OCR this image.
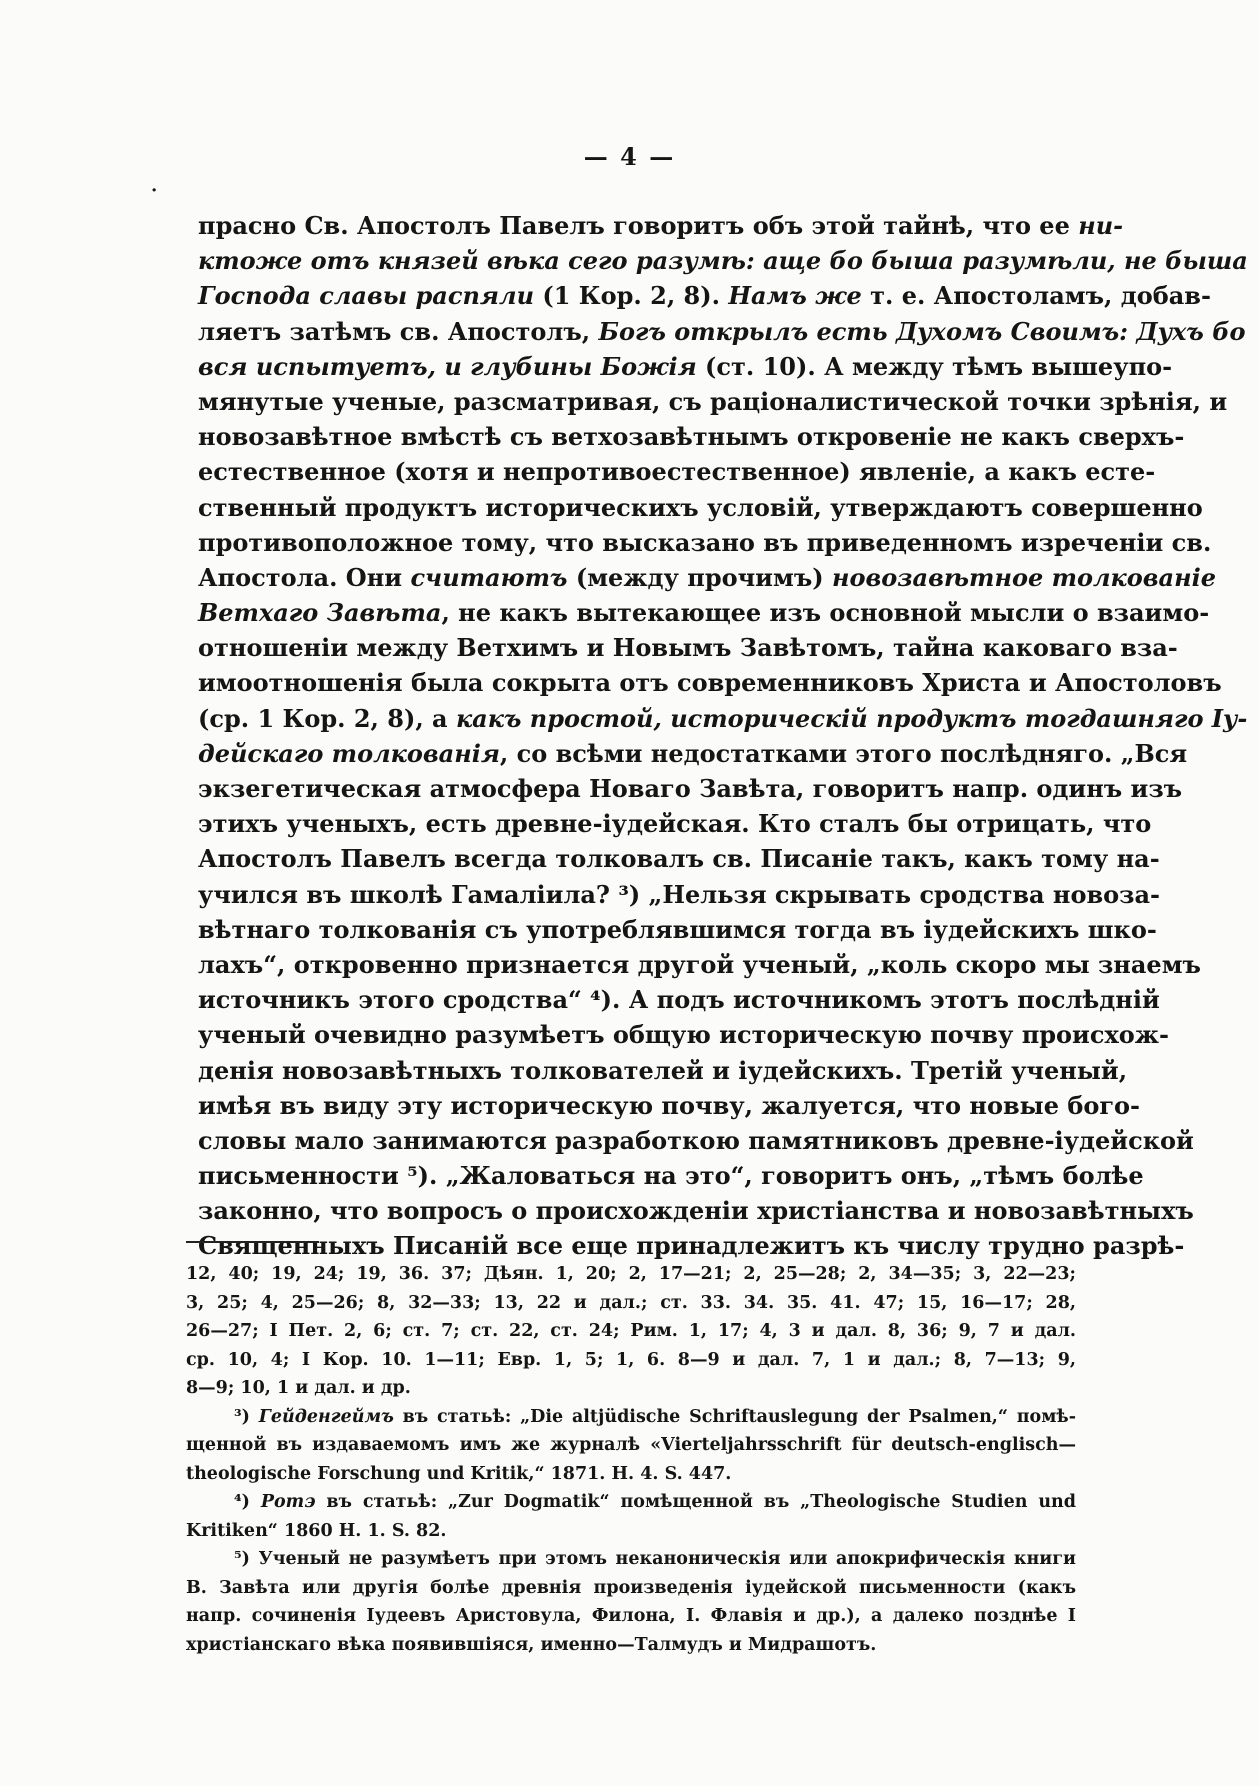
— 4 —
прасно Св. Апостолъ Павелъ говоритъ объ этой тайнѣ, что ее ни-
ктоже отъ князей вѣка сего разумѣ: аще бо быша разумѣли, не быша
Господа славы распяли (1 Кор. 2, 8). Намъ же т. е. Апостоламъ, добав-
ляетъ затѣмъ св. Апостолъ, Богъ открылъ есть Духомъ Своимъ: Духъ бо
вся испытуетъ, и глубины Божія (ст. 10). А между тѣмъ вышеупо-
мянутые ученые, разсматривая, съ раціоналистической точки зрѣнія, и
новозавѣтное вмѣстѣ съ ветхозавѣтнымъ откровеніе не какъ сверхъ-
естественное (хотя и непротивоестественное) явленіе, а какъ есте-
ственный продуктъ историческихъ условій, утверждаютъ совершенно
противоположное тому, что высказано въ приведенномъ изреченіи св.
Апостола. Они считаютъ (между прочимъ) новозавѣтное толкованіе
Ветхаго Завѣта, не какъ вытекающее изъ основной мысли о взаимо-
отношеніи между Ветхимъ и Новымъ Завѣтомъ, тайна каковаго вза-
имоотношенія была сокрыта отъ современниковъ Христа и Апостоловъ
(ср. 1 Кор. 2, 8), а какъ простой, историческій продуктъ тогдашняго Іу-
дейскаго толкованія, со всѣми недостатками этого послѣдняго. „Вся
экзегетическая атмосфера Новаго Завѣта, говоритъ напр. одинъ изъ
этихъ ученыхъ, есть древне-іудейская. Кто сталъ бы отрицать, что
Апостолъ Павелъ всегда толковалъ св. Писаніе такъ, какъ тому на-
учился въ школѣ Гамаліила? ³) „Нельзя скрывать сродства новоза-
вѣтнаго толкованія съ употреблявшимся тогда въ іудейскихъ шко-
лахъ“, откровенно признается другой ученый, „коль скоро мы знаемъ
источникъ этого сродства“ ⁴). А подъ источникомъ этотъ послѣдній
ученый очевидно разумѣетъ общую историческую почву происхож-
денія новозавѣтныхъ толкователей и іудейскихъ. Третій ученый,
имѣя въ виду эту историческую почву, жалуется, что новые бого-
словы мало занимаются разработкою памятниковъ древне-іудейской
письменности ⁵). „Жаловаться на это“, говоритъ онъ, „тѣмъ болѣе
законно, что вопросъ о происхожденіи христіанства и новозавѣтныхъ
Священныхъ Писаній все еще принадлежитъ къ числу трудно разрѣ-
12, 40; 19, 24; 19, 36. 37; Дѣян. 1, 20; 2, 17—21; 2, 25—28; 2, 34—35; 3, 22—23;
3, 25; 4, 25—26; 8, 32—33; 13, 22 и дал.; ст. 33. 34. 35. 41. 47; 15, 16—17; 28,
26—27; I Пет. 2, 6; ст. 7; ст. 22, ст. 24; Рим. 1, 17; 4, 3 и дал. 8, 36; 9, 7 и дал.
ср. 10, 4; I Кор. 10. 1—11; Евр. 1, 5; 1, 6. 8—9 и дал. 7, 1 и дал.; 8, 7—13; 9,
8—9; 10, 1 и дал. и др.
³) Гейденгеймъ въ статьѣ: „Die altjüdische Schriftauslegung der Psalmen,“ помѣ-
щенной въ издаваемомъ имъ же журналѣ «Vierteljahrsschrift für deutsch-englisch—
theologische Forschung und Kritik,“ 1871. H. 4. S. 447.
⁴) Ротэ въ статьѣ: „Zur Dogmatik“ помѣщенной въ „Theologische Studien und
Kritiken“ 1860 H. 1. S. 82.
⁵) Ученый не разумѣетъ при этомъ неканоническія или апокрифическія книги
В. Завѣта или другія болѣе древнія произведенія іудейской письменности (какъ
напр. сочиненія Іудеевъ Аристовула, Филона, І. Флавія и др.), а далеко позднѣе I
христіанскаго вѣка появившіяся, именно—Талмудъ и Мидрашотъ.
·
